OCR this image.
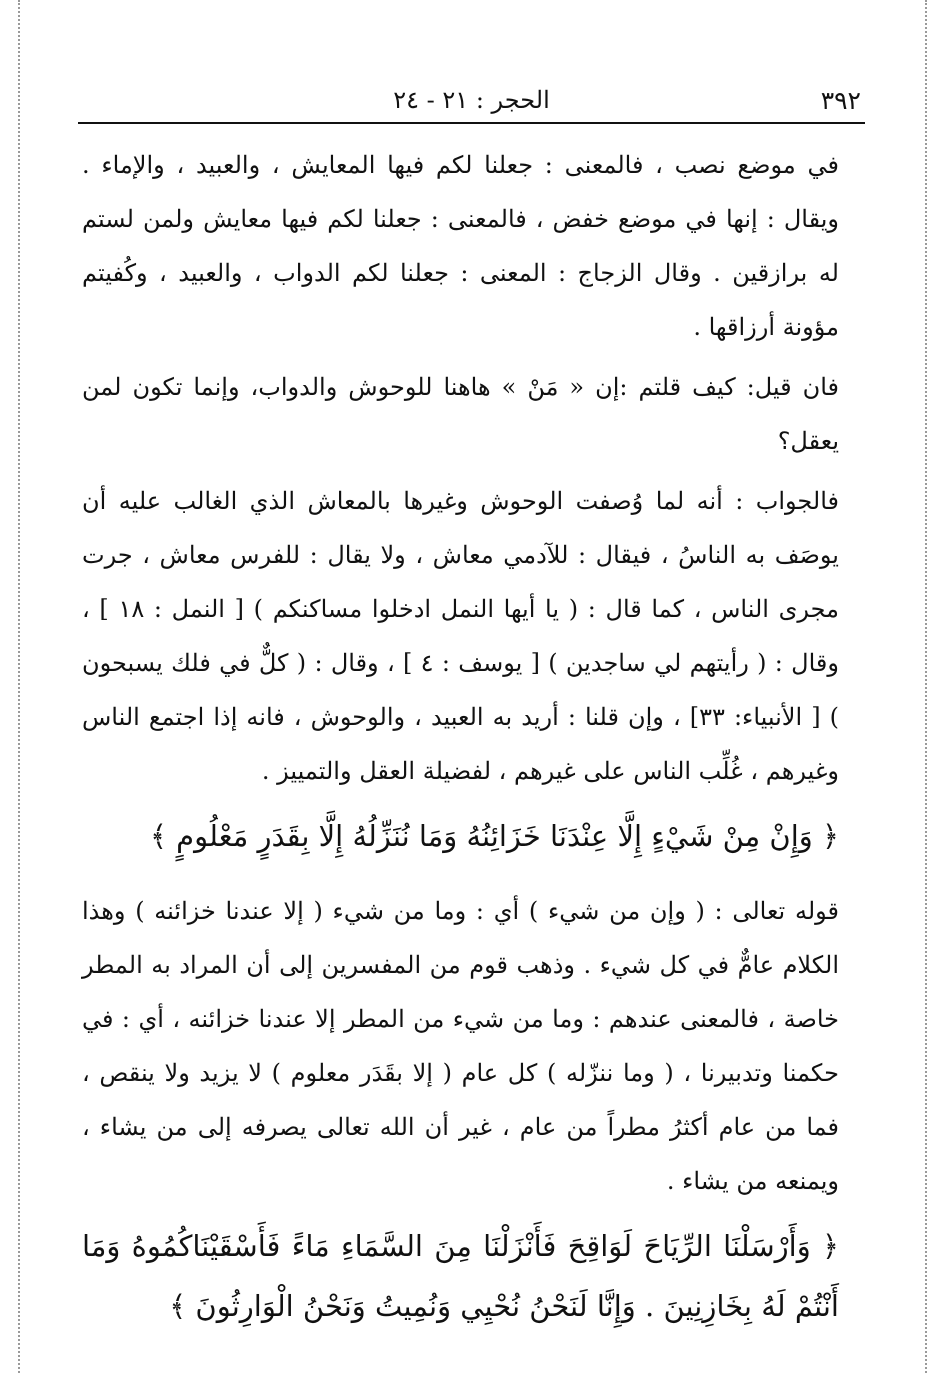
٣٩٢
الحجر : ٢١ - ٢٤

في موضع نصب ، فالمعنى : جعلنا لكم فيها المعايش ، والعبيد ، والإماء . ويقال : إنها في موضع خفض ، فالمعنى : جعلنا لكم فيها معايش ولمن لستم له برازقين . وقال الزجاج : المعنى : جعلنا لكم الدواب ، والعبيد ، وكُفيتم مؤونة أرزاقها .

فان قيل: كيف قلتم :إن « مَنْ » هاهنا للوحوش والدواب، وإنما تكون لمن يعقل؟

فالجواب : أنه لما وُصفت الوحوش وغيرها بالمعاش الذي الغالب عليه أن يوصَف به الناسُ ، فيقال : للآدمي معاش ، ولا يقال : للفرس معاش ، جرت مجرى الناس ، كما قال : ( يا أيها النمل ادخلوا مساكنكم ) [ النمل : ١٨ ] ، وقال : ( رأيتهم لي ساجدين ) [ يوسف : ٤ ] ، وقال : ( كلٌّ في فلك يسبحون ) [ الأنبياء: ٣٣] ، وإن قلنا : أريد به العبيد ، والوحوش ، فانه إذا اجتمع الناس وغيرهم ، غُلِّب الناس على غيرهم ، لفضيلة العقل والتمييز .

﴿ وَإِنْ مِنْ شَيْءٍ إِلَّا عِنْدَنَا خَزَائِنُهُ وَمَا نُنَزِّلُهُ إِلَّا بِقَدَرٍ مَعْلُومٍ ﴾

قوله تعالى : ( وإن من شيء ) أي : وما من شيء ( إلا عندنا خزائنه ) وهذا الكلام عامٌّ في كل شيء . وذهب قوم من المفسرين إلى أن المراد به المطر خاصة ، فالمعنى عندهم : وما من شيء من المطر إلا عندنا خزائنه ، أي : في حكمنا وتدبيرنا ، ( وما ننزّله ) كل عام ( إلا بقَدَر معلوم ) لا يزيد ولا ينقص ، فما من عام أكثرُ مطراً من عام ، غير أن الله تعالى يصرفه إلى من يشاء ، ويمنعه من يشاء .

﴿ وَأَرْسَلْنَا الرِّيَاحَ لَوَاقِحَ فَأَنْزَلْنَا مِنَ السَّمَاءِ مَاءً فَأَسْقَيْنَاكُمُوهُ وَمَا أَنْتُمْ لَهُ بِخَازِنِينَ . وَإِنَّا لَنَحْنُ نُحْيِي وَنُمِيتُ وَنَحْنُ الْوَارِثُونَ ﴾
